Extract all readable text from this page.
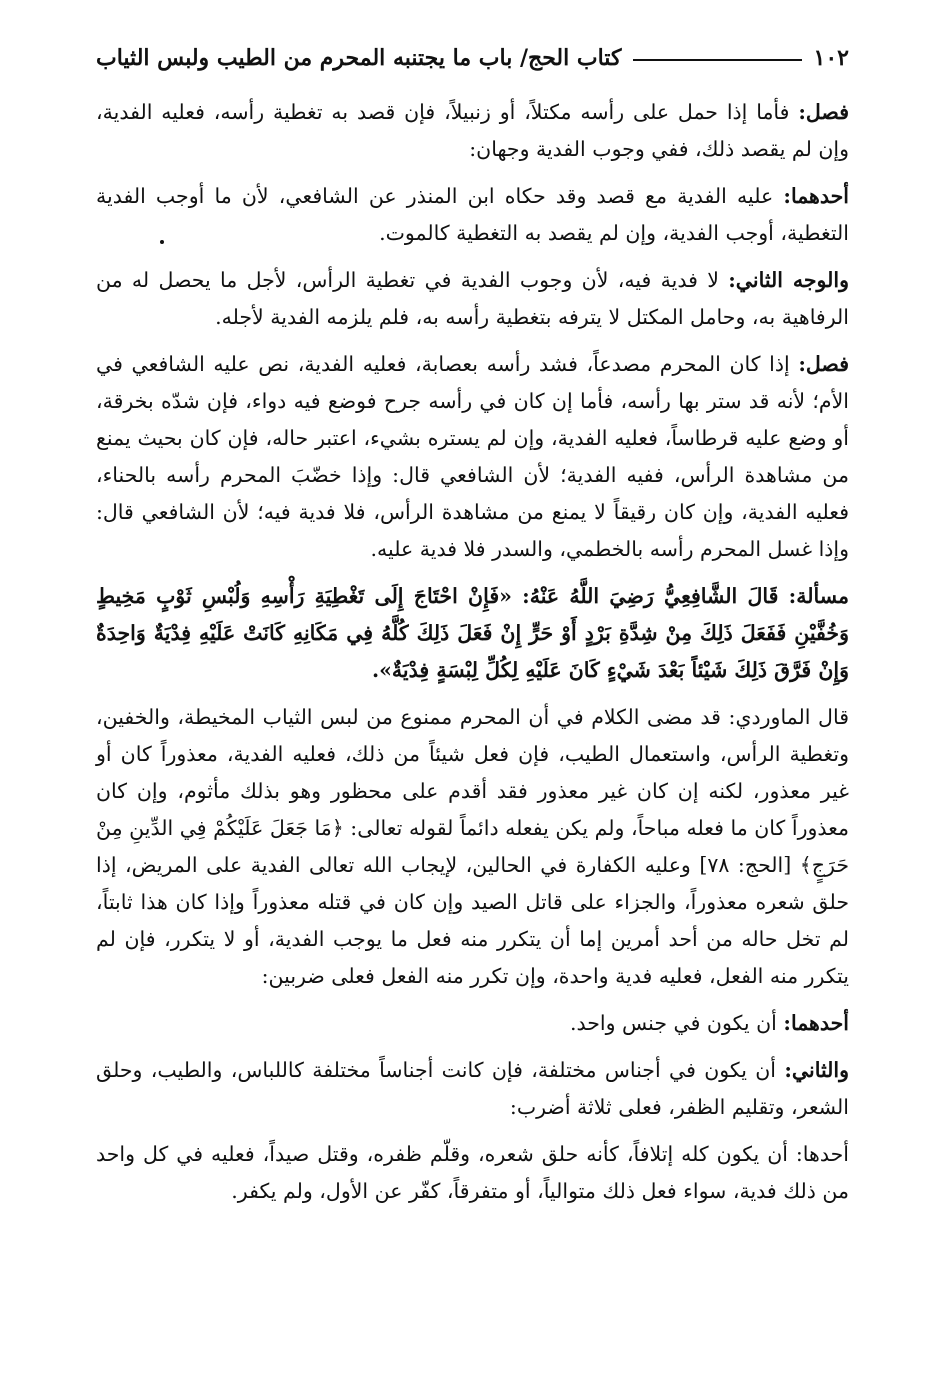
١٠٢
كتاب الحج/ باب ما يجتنبه المحرم من الطيب ولبس الثياب

فصل: فأما إذا حمل على رأسه مكتلاً، أو زنبيلاً، فإن قصد به تغطية رأسه، فعليه الفدية، وإن لم يقصد ذلك، ففي وجوب الفدية وجهان:

أحدهما: عليه الفدية مع قصد وقد حكاه ابن المنذر عن الشافعي، لأن ما أوجب الفدية التغطية، أوجب الفدية، وإن لم يقصد به التغطية كالموت.

والوجه الثاني: لا فدية فيه، لأن وجوب الفدية في تغطية الرأس، لأجل ما يحصل له من الرفاهية به، وحامل المكتل لا يترفه بتغطية رأسه به، فلم يلزمه الفدية لأجله.

فصل: إذا كان المحرم مصدعاً، فشد رأسه بعصابة، فعليه الفدية، نص عليه الشافعي في الأم؛ لأنه قد ستر بها رأسه، فأما إن كان في رأسه جرح فوضع فيه دواء، فإن شدّه بخرقة، أو وضع عليه قرطاساً، فعليه الفدية، وإن لم يستره بشيء، اعتبر حاله، فإن كان بحيث يمنع من مشاهدة الرأس، ففيه الفدية؛ لأن الشافعي قال: وإذا خضّبَ المحرم رأسه بالحناء، فعليه الفدية، وإن كان رقيقاً لا يمنع من مشاهدة الرأس، فلا فدية فيه؛ لأن الشافعي قال: وإذا غسل المحرم رأسه بالخطمي، والسدر فلا فدية عليه.

مسألة: قَالَ الشَّافِعِيُّ رَضِيَ اللَّهُ عَنْهُ: «فَإِنْ احْتَاجَ إِلَى تَغْطِيَةِ رَأْسِهِ وَلُبْسِ ثَوْبٍ مَخِيطٍ وَخُفَّيْنِ فَفَعَلَ ذَلِكَ مِنْ شِدَّةِ بَرْدٍ أَوْ حَرٍّ إِنْ فَعَلَ ذَلِكَ كُلَّهُ فِي مَكَانِهِ كَانَتْ عَلَيْهِ فِدْيَةٌ وَاحِدَةٌ وَإِنْ فَرَّقَ ذَلِكَ شَيْئاً بَعْدَ شَيْءٍ كَانَ عَلَيْهِ لِكُلِّ لِبْسَةٍ فِدْيَةٌ».

قال الماوردي: قد مضى الكلام في أن المحرم ممنوع من لبس الثياب المخيطة، والخفين، وتغطية الرأس، واستعمال الطيب، فإن فعل شيئاً من ذلك، فعليه الفدية، معذوراً كان أو غير معذور، لكنه إن كان غير معذور فقد أقدم على محظور وهو بذلك مأثوم، وإن كان معذوراً كان ما فعله مباحاً، ولم يكن يفعله دائماً لقوله تعالى: ﴿مَا جَعَلَ عَلَيْكُمْ فِي الدِّينِ مِنْ حَرَجٍ﴾ [الحج: ٧٨] وعليه الكفارة في الحالين، لإيجاب الله تعالى الفدية على المريض، إذا حلق شعره معذوراً، والجزاء على قاتل الصيد وإن كان في قتله معذوراً وإذا كان هذا ثابتاً، لم تخل حاله من أحد أمرين إما أن يتكرر منه فعل ما يوجب الفدية، أو لا يتكرر، فإن لم يتكرر منه الفعل، فعليه فدية واحدة، وإن تكرر منه الفعل فعلى ضربين:

أحدهما: أن يكون في جنس واحد.

والثاني: أن يكون في أجناس مختلفة، فإن كانت أجناساً مختلفة كاللباس، والطيب، وحلق الشعر، وتقليم الظفر، فعلى ثلاثة أضرب:

أحدها: أن يكون كله إتلافاً، كأنه حلق شعره، وقلّم ظفره، وقتل صيداً، فعليه في كل واحد من ذلك فدية، سواء فعل ذلك متوالياً، أو متفرقاً، كفّر عن الأول، ولم يكفر.
